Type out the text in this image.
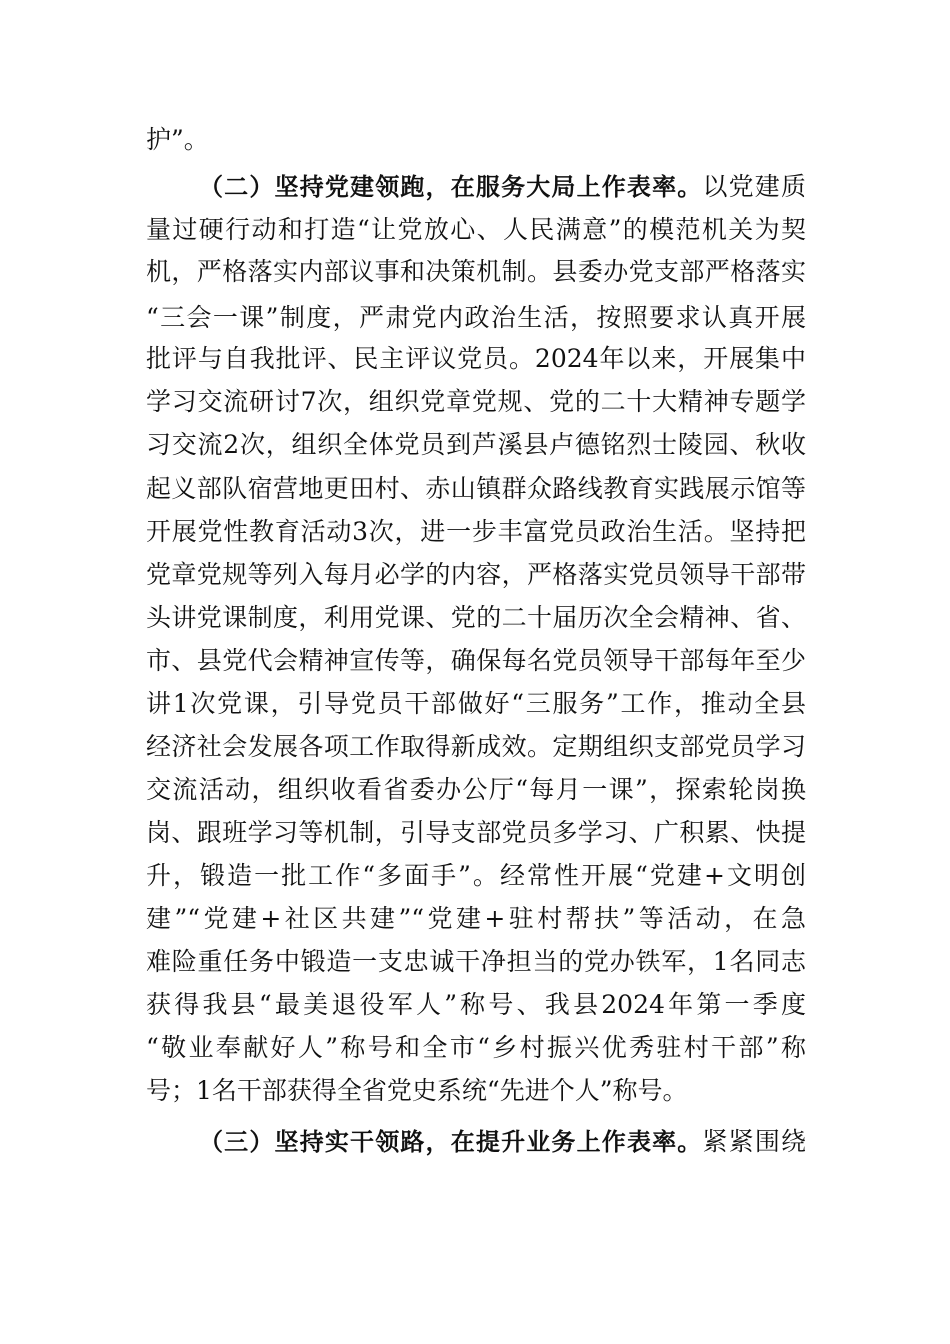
护”。

（二）坚持党建领跑，在服务大局上作表率。以党建质

量过硬行动和打造“让党放心、人民满意”的模范机关为契

机，严格落实内部议事和决策机制。县委办党支部严格落实

“三会一课”制度，严肃党内政治生活，按照要求认真开展

批评与自我批评、民主评议党员。2024年以来，开展集中

学习交流研讨7次，组织党章党规、党的二十大精神专题学

习交流2次，组织全体党员到芦溪县卢德铭烈士陵园、秋收

起义部队宿营地更田村、赤山镇群众路线教育实践展示馆等

开展党性教育活动3次，进一步丰富党员政治生活。坚持把

党章党规等列入每月必学的内容，严格落实党员领导干部带

头讲党课制度，利用党课、党的二十届历次全会精神、省、

市、县党代会精神宣传等，确保每名党员领导干部每年至少

讲1次党课，引导党员干部做好“三服务”工作，推动全县

经济社会发展各项工作取得新成效。定期组织支部党员学习

交流活动，组织收看省委办公厅“每月一课”，探索轮岗换

岗、跟班学习等机制，引导支部党员多学习、广积累、快提

升，锻造一批工作“多面手”。经常性开展“党建+文明创

建”“党建+社区共建”“党建+驻村帮扶”等活动，在急

难险重任务中锻造一支忠诚干净担当的党办铁军，1名同志

获得我县“最美退役军人”称号、我县2024年第一季度

“敬业奉献好人”称号和全市“乡村振兴优秀驻村干部”称

号；1名干部获得全省党史系统“先进个人”称号。

（三）坚持实干领路，在提升业务上作表率。紧紧围绕
